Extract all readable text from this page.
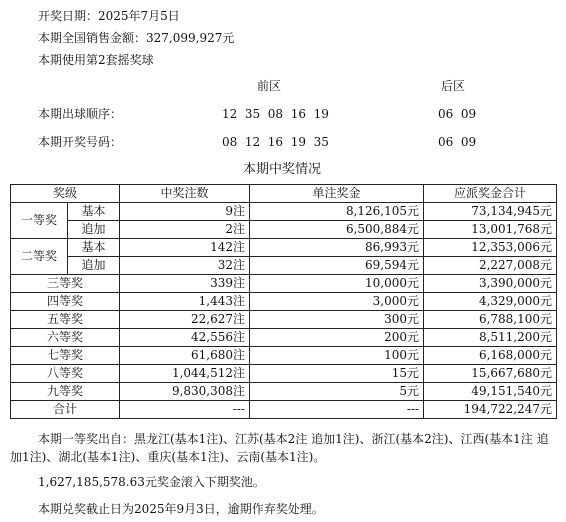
开奖日期：2025年7月5日
本期全国销售金额：327,099,927元
本期使用第2套摇奖球
前区	后区
本期出球顺序：	12  35  08  16  19	06  09
本期开奖号码：	08  12  16  19  35	06  09
本期中奖情况
奖级		中奖注数	单注奖金	应派奖金合计
一等奖	基本	9注	8,126,105元	73,134,945元
	追加	2注	6,500,884元	13,001,768元
二等奖	基本	142注	86,993元	12,353,006元
	追加	32注	69,594元	2,227,008元
三等奖		339注	10,000元	3,390,000元
四等奖		1,443注	3,000元	4,329,000元
五等奖		22,627注	300元	6,788,100元
六等奖		42,556注	200元	8,511,200元
七等奖		61,680注	100元	6,168,000元
八等奖		1,044,512注	15元	15,667,680元
九等奖		9,830,308注	5元	49,151,540元
合计		---	---	194,722,247元
本期一等奖出自：黑龙江(基本1注)、江苏(基本2注 追加1注)、浙江(基本2注)、江西(基本1注 追加1注)、湖北(基本1注)、重庆(基本1注)、云南(基本1注)。
1,627,185,578.63元奖金滚入下期奖池。
本期兑奖截止日为2025年9月3日，逾期作弃奖处理。
